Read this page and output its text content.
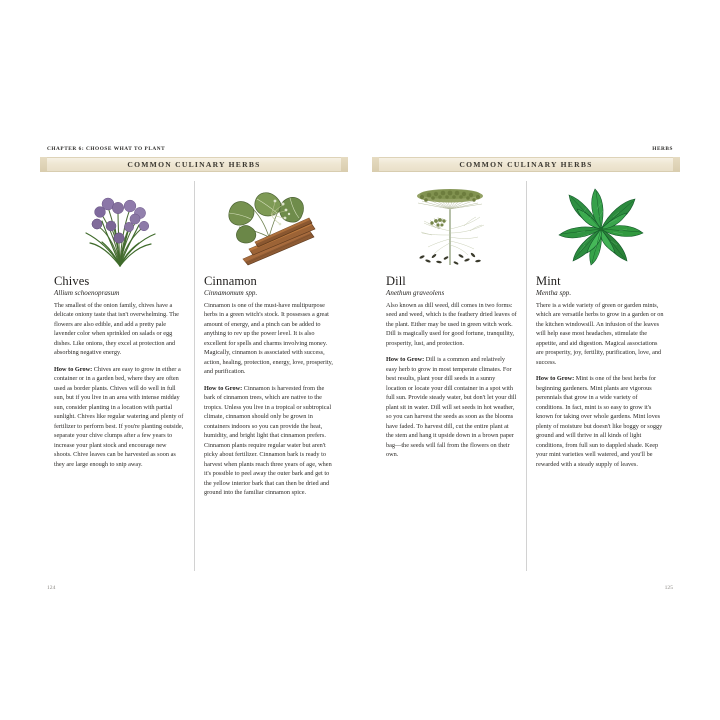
CHAPTER 6: CHOOSE WHAT TO PLANT
COMMON CULINARY HERBS
Chives
Allium schoenoprasum

The smallest of the onion family, chives have a delicate oniony taste that isn't overwhelming. The flowers are also edible, and add a pretty pale lavender color when sprinkled on salads or egg dishes. Like onions, they excel at protection and absorbing negative energy.

How to Grow: Chives are easy to grow in either a container or in a garden bed, where they are often used as border plants. Chives will do well in full sun, but if you live in an area with intense midday sun, consider planting in a location with partial sunlight. Chives like regular watering and plenty of fertilizer to perform best. If you're planting outside, separate your chive clumps after a few years to increase your plant stock and encourage new shoots. Chive leaves can be harvested as soon as they are large enough to snip away.

Cinnamon
Cinnamomum spp.

Cinnamon is one of the must-have multipurpose herbs in a green witch's stock. It possesses a great amount of energy, and a pinch can be added to anything to rev up the power level. It is also excellent for spells and charms involving money. Magically, cinnamon is associated with success, action, healing, protection, energy, love, prosperity, and purification.

How to Grow: Cinnamon is harvested from the bark of cinnamon trees, which are native to the tropics. Unless you live in a tropical or subtropical climate, cinnamon should only be grown in containers indoors so you can provide the heat, humidity, and bright light that cinnamon prefers. Cinnamon plants require regular water but aren't picky about fertilizer. Cinnamon bark is ready to harvest when plants reach three years of age, when it's possible to peel away the outer bark and get to the yellow interior bark that can then be dried and ground into the familiar cinnamon spice.

124
HERBS
COMMON CULINARY HERBS
Dill
Anethum graveolens

Also known as dill weed, dill comes in two forms: seed and weed, which is the feathery dried leaves of the plant. Either may be used in green witch work. Dill is magically used for good fortune, tranquility, prosperity, lust, and protection.

How to Grow: Dill is a common and relatively easy herb to grow in most temperate climates. For best results, plant your dill seeds in a sunny location or locate your dill container in a spot with full sun. Provide steady water, but don't let your dill plant sit in water. Dill will set seeds in hot weather, so you can harvest the seeds as soon as the blooms have faded. To harvest dill, cut the entire plant at the stem and hang it upside down in a brown paper bag—the seeds will fall from the flowers on their own.

Mint
Mentha spp.

There is a wide variety of green or garden mints, which are versatile herbs to grow in a garden or on the kitchen windowsill. An infusion of the leaves will help ease most headaches, stimulate the appetite, and aid digestion. Magical associations are prosperity, joy, fertility, purification, love, and success.

How to Grow: Mint is one of the best herbs for beginning gardeners. Mint plants are vigorous perennials that grow in a wide variety of conditions. In fact, mint is so easy to grow it's known for taking over whole gardens. Mint loves plenty of moisture but doesn't like boggy or soggy ground and will thrive in all kinds of light conditions, from full sun to dappled shade. Keep your mint varieties well watered, and you'll be rewarded with a steady supply of leaves.

125
